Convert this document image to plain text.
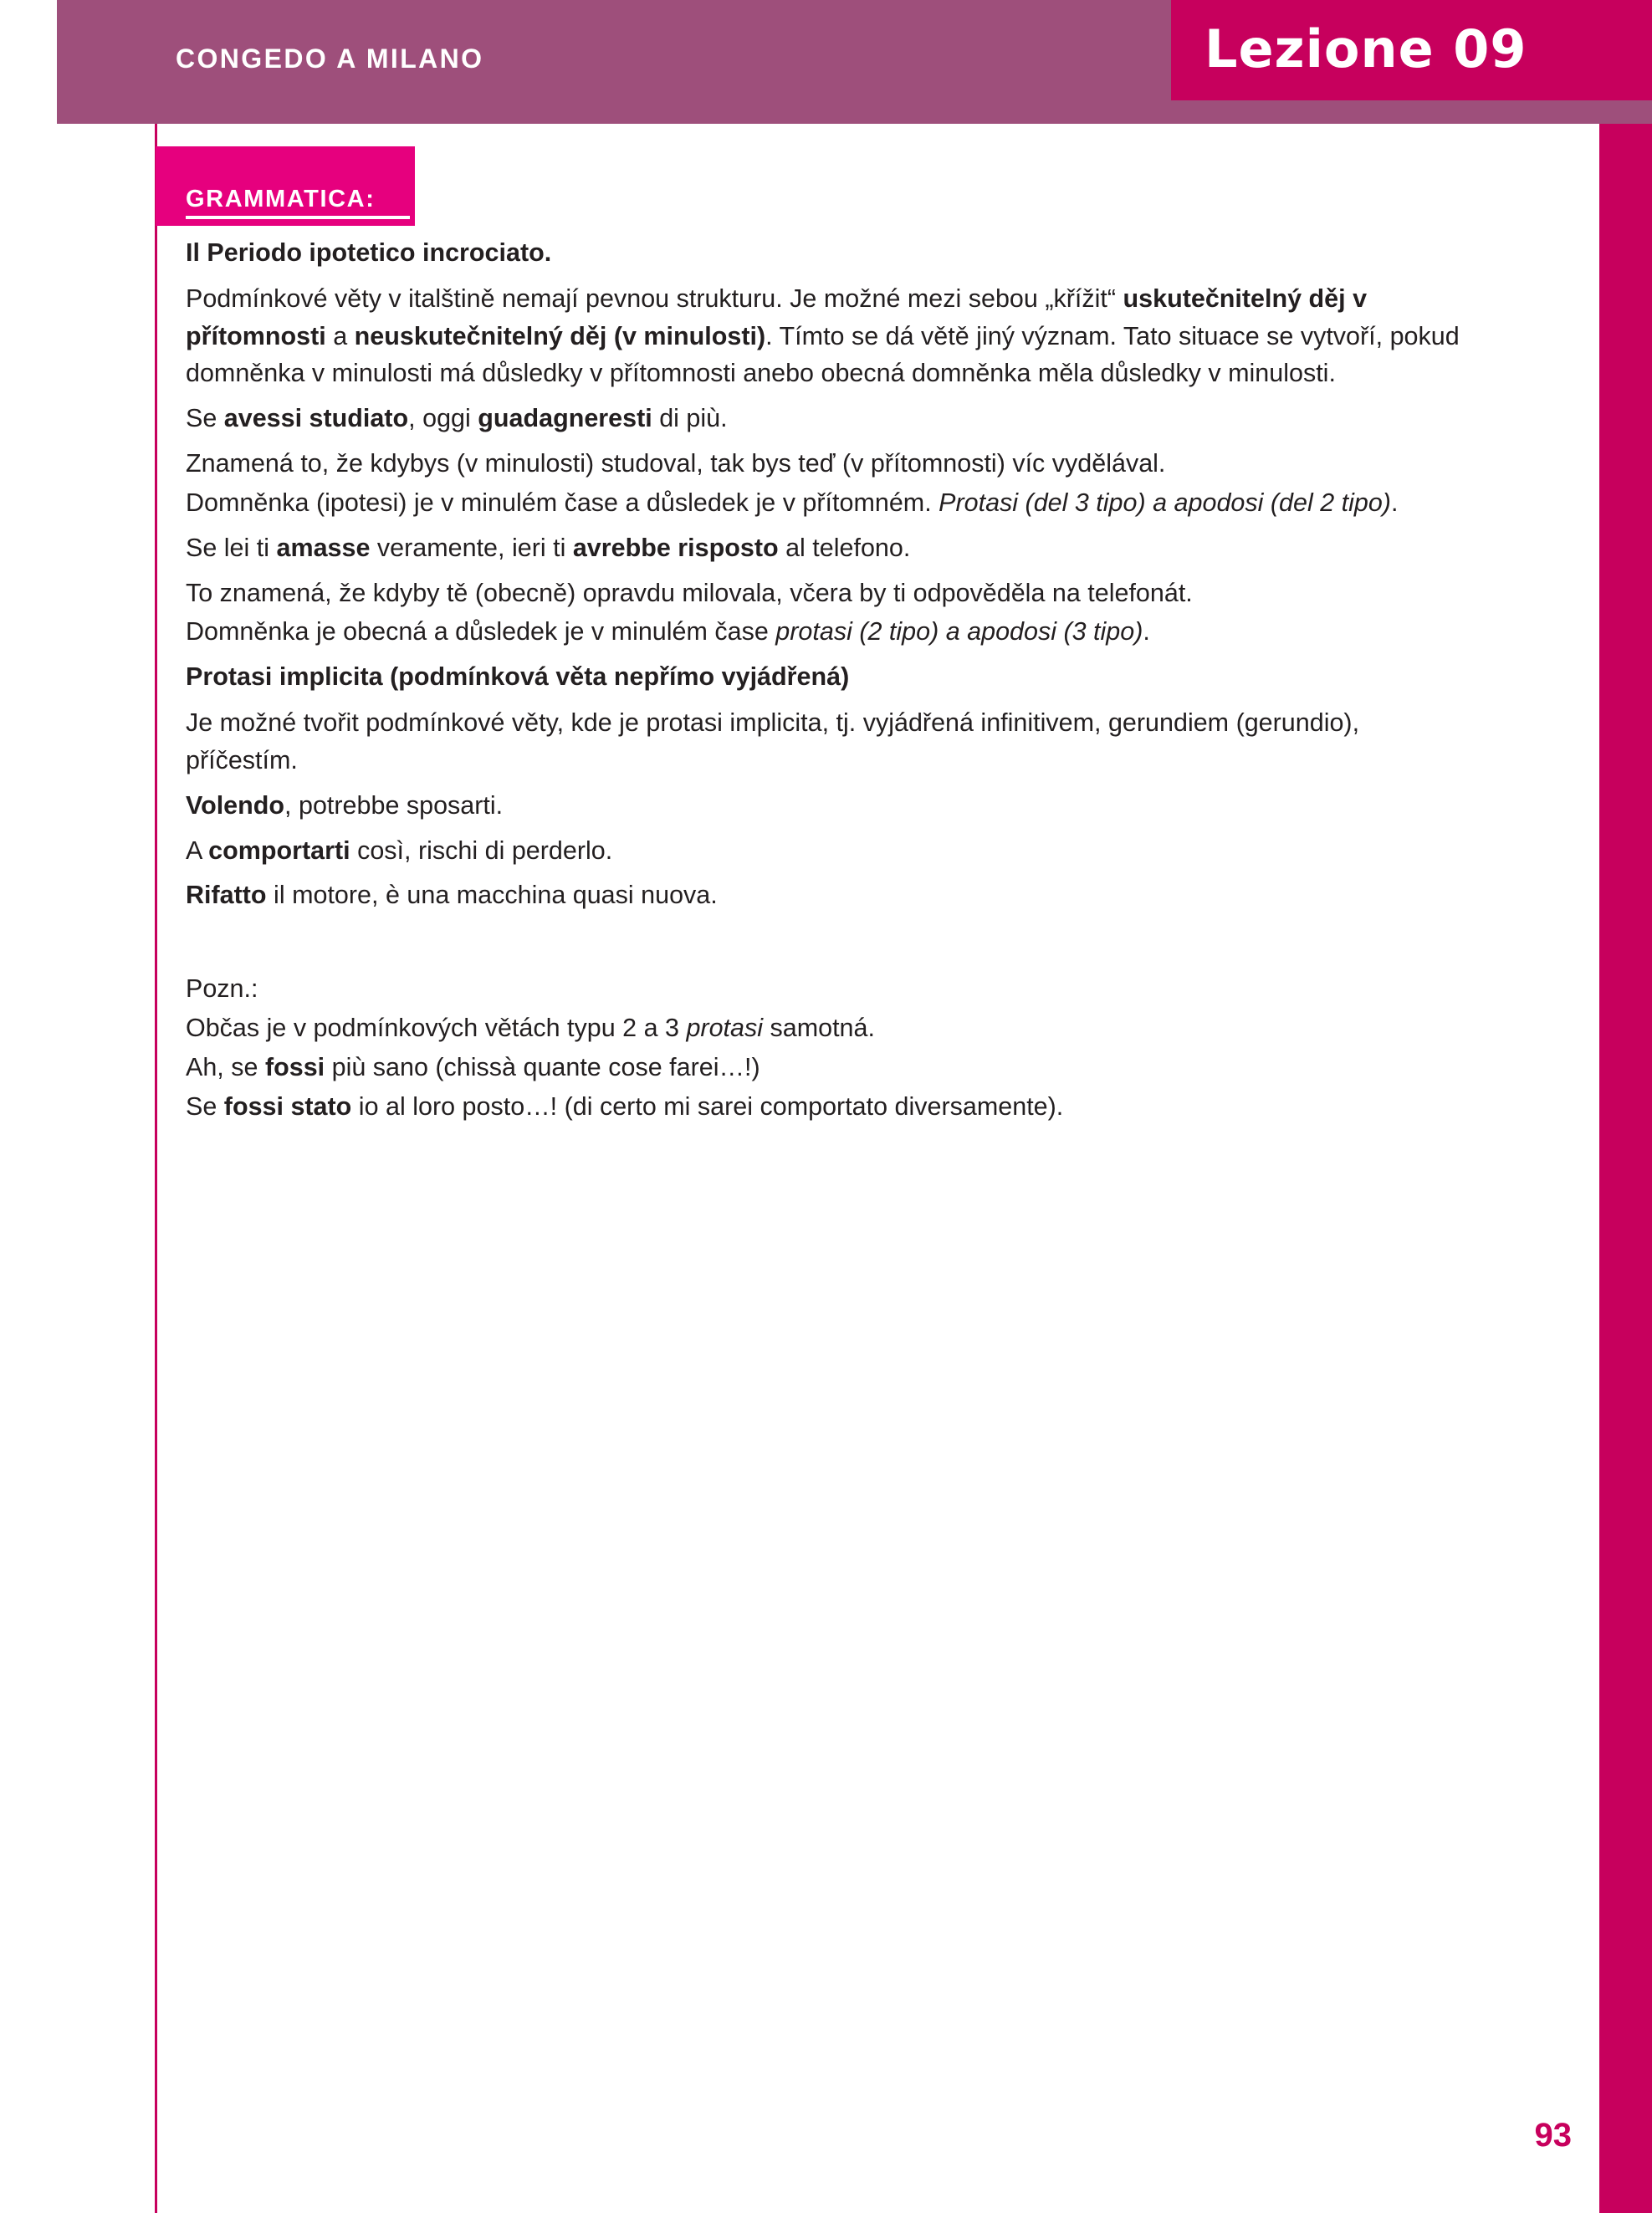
CONGEDO A MILANO	Lezione 09
GRAMMATICA:

Il Periodo ipotetico incrociato.

Podmínkové věty v italštině nemají pevnou strukturu. Je možné mezi sebou „křížit“ uskutečnitelný děj v přítomnosti a neuskutečnitelný děj (v minulosti). Tímto se dá větě jiný význam. Tato situace se vytvoří, pokud domněnka v minulosti má důsledky v přítomnosti anebo obecná domněnka měla důsledky v minulosti.

Se avessi studiato, oggi guadagneresti di più.

Znamená to, že kdybys (v minulosti) studoval, tak bys teď (v přítomnosti) víc vydělával.

Domněnka (ipotesi) je v minulém čase a důsledek je v přítomném. Protasi (del 3 tipo) a apodosi (del 2 tipo).

Se lei ti amasse veramente, ieri ti avrebbe risposto al telefono.

To znamená, že kdyby tě (obecně) opravdu milovala, včera by ti odpověděla na telefonát.

Domněnka je obecná a důsledek je v minulém čase protasi (2 tipo) a apodosi (3 tipo).

Protasi implicita (podmínková věta nepřímo vyjádřená)

Je možné tvořit podmínkové věty, kde je protasi implicita, tj. vyjádřená infinitivem, gerundiem (gerundio), příčestím.

Volendo, potrebbe sposarti.

A comportarti così, rischi di perderlo.

Rifatto il motore, è una macchina quasi nuova.

Pozn.:

Občas je v podmínkových větách typu 2 a 3 protasi samotná.

Ah, se fossi più sano (chissà quante cose farei…!)

Se fossi stato io al loro posto…! (di certo mi sarei comportato diversamente).

93
